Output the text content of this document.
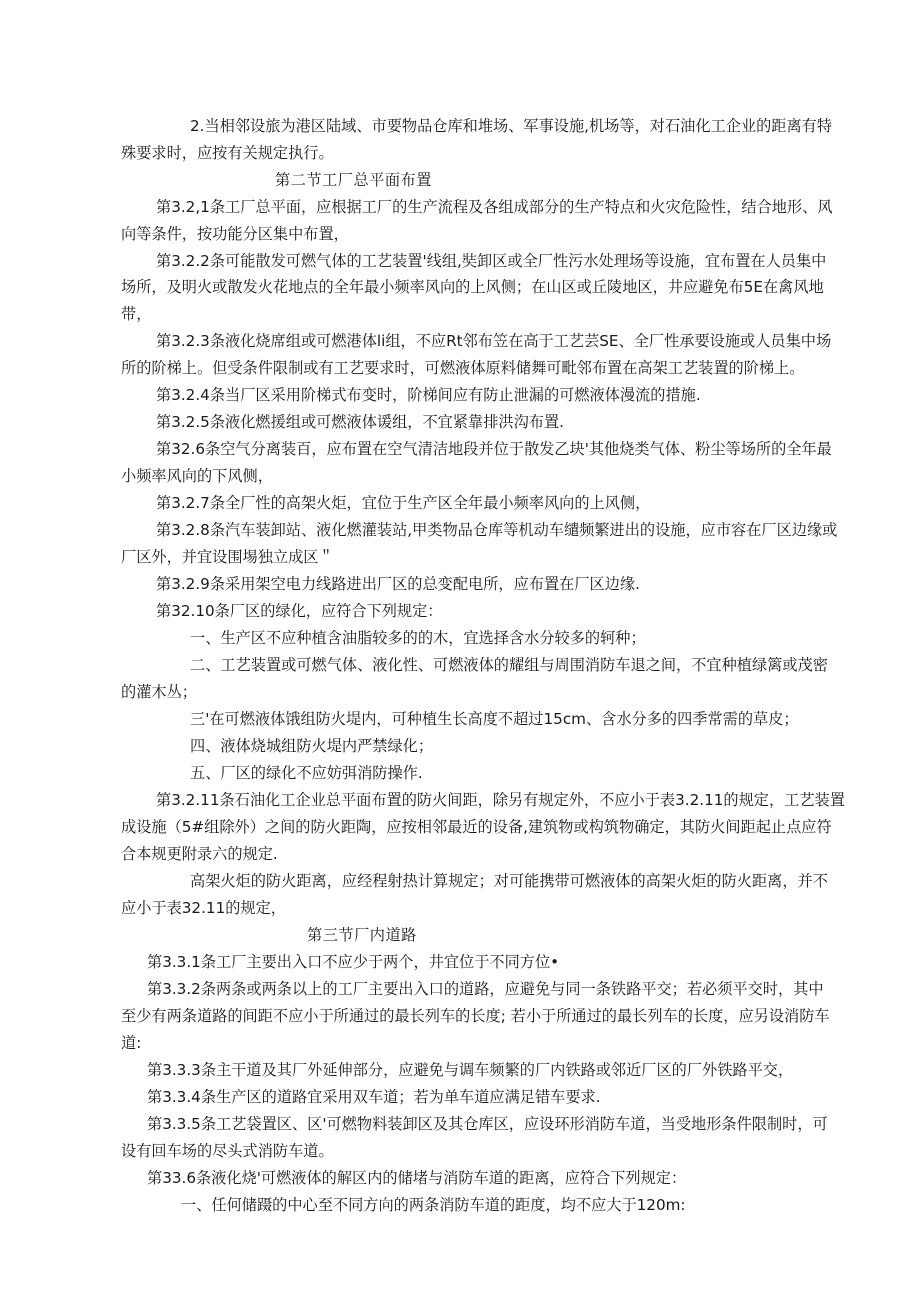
2.当相邻设旅为港区陆域、市要物品仓库和堆场、军事设施,机场等，对石油化工企业的距离有特
殊要求时，应按有关规定执行。
第二节工厂总平面布置
第3.2,1条工厂总平面，应根据工厂的生产流程及各组成部分的生产特点和火灾危险性，结合地形、风
向等条件，按功能分区集中布置，
第3.2.2条可能散发可燃气体的工艺装置'线组,奘卸区或全厂性污水处理场等设施，宜布置在人员集中
场所，及明火或散发火花地点的全年最小频率风向的上风侧；在山区或丘陵地区，井应避免布5E在禽风地
带，
第3.2.3条液化烧席组或可燃港体li组，不应Rt邻布笠在高于工艺芸SE、全厂性承要设施或人员集中场
所的阶梯上。但受条件限制或有工艺要求时，可燃液体原料储舞可毗邻布置在高架工艺装置的阶梯上。
第3.2.4条当厂区采用阶梯式布变时，阶梯间应有防止泄漏的可燃液体漫流的措施.
第3.2.5条液化燃援组或可燃液体谖组，不宜紧靠排洪沟布置.
第32.6条空气分离装百，应布置在空气清洁地段并位于散发乙块'其他烧类气体、粉尘等场所的全年最
小频率风向的下风侧，
第3.2.7条全厂性的高架火炬，宜位于生产区全年最小频率风向的上风侧，
第3.2.8条汽车装卸站、液化燃灌装站,甲类物品仓库等机动车缱频繁进出的设施，应市容在厂区边缘或
厂区外，并宜设围埸独立成区＂
第3.2.9条采用架空电力线路进出厂区的总变配电所，应布置在厂区边缘.
第32.10条厂区的绿化，应符合下列规定：
一、生产区不应种植含油脂较多的的木，宜选择含水分较多的轲种；
二、工艺装置或可燃气体、液化性、可燃液体的耀组与周围消防车退之间，不宜种植绿篱或茂密
的灌木丛；
三'在可燃液体饿组防火堤内，可种植生长高度不超过15cm、含水分多的四季常需的草皮；
四、液体烧城组防火堤内严禁绿化；
五、厂区的绿化不应妨弭消防操作.
第3.2.11条石油化工企业总平面布置的防火间距，除另有规定外，不应小于表3.2.11的规定，工艺装置
成设施（5#组除外）之间的防火距陶，应按相邻最近的设备,建筑物或构筑物确定，其防火间距起止点应符
合本规更附录六的规定.
高架火炬的防火距离，应经程射热计算规定；对可能携带可燃液体的高架火炬的防火距离，并不
应小于表32.11的规定，
第三节厂内道路
第3.3.1条工厂主要出入口不应少于两个，井宜位于不同方位•
第3.3.2条两条或两条以上的工厂主要出入口的道路，应避免与同一条铁路平交；若必须平交时，其中
至少有两条道路的间距不应小于所通过的最长列车的长度; 若小于所通过的最长列车的长度，应另设消防车
道:
第3.3.3条主干道及其厂外延伸部分，应避免与调车频繁的厂内铁路或邻近厂区的厂外铁路平交，
第3.3.4条生产区的道路宜采用双车道；若为单车道应满足错车要求.
第3.3.5条工艺袋置区、区'可燃物料装卸区及其仓库区，应设环形消防车道，当受地形条件限制时，可
设有回车场的尽头式消防车道。
第33.6条液化烧'可燃液体的解区内的储堵与消防车道的距离，应符合下列规定：
一、任何储蹑的中心至不同方向的两条消防车道的距度，均不应大于120m:
